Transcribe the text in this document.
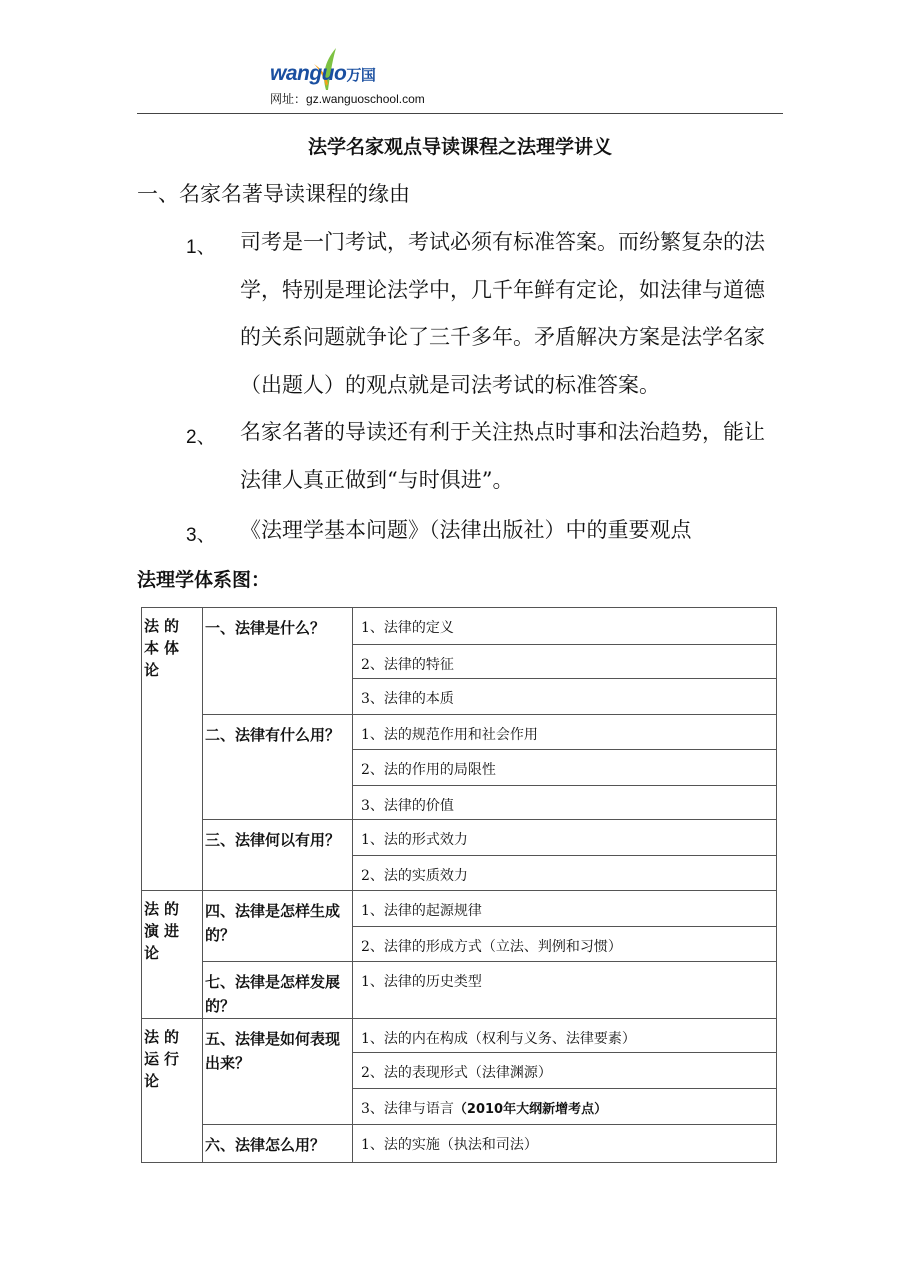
wanguo万国
网址：gz.wanguoschool.com
法学名家观点导读课程之法理学讲义
一、名家名著导读课程的缘由
1、 司考是一门考试，考试必须有标准答案。而纷繁复杂的法
学，特别是理论法学中，几千年鲜有定论，如法律与道德
的关系问题就争论了三千多年。矛盾解决方案是法学名家
（出题人）的观点就是司法考试的标准答案。
2、 名家名著的导读还有利于关注热点时事和法治趋势，能让
法律人真正做到“与时俱进”。
3、 《法理学基本问题》（法律出版社）中的重要观点
法理学体系图：
法的本体论	一、法律是什么？	1、法律的定义
		2、法律的特征
		3、法律的本质
	二、法律有什么用？	1、法的规范作用和社会作用
		2、法的作用的局限性
		3、法律的价值
	三、法律何以有用？	1、法的形式效力
		2、法的实质效力
法的演进论	四、法律是怎样生成的？	1、法律的起源规律
		2、法律的形成方式（立法、判例和习惯）
	七、法律是怎样发展的？	1、法律的历史类型
法的运行论	五、法律是如何表现出来？	1、法的内在构成（权利与义务、法律要素）
		2、法的表现形式（法律渊源）
		3、法律与语言（2010年大纲新增考点）
	六、法律怎么用？	1、法的实施（执法和司法）
